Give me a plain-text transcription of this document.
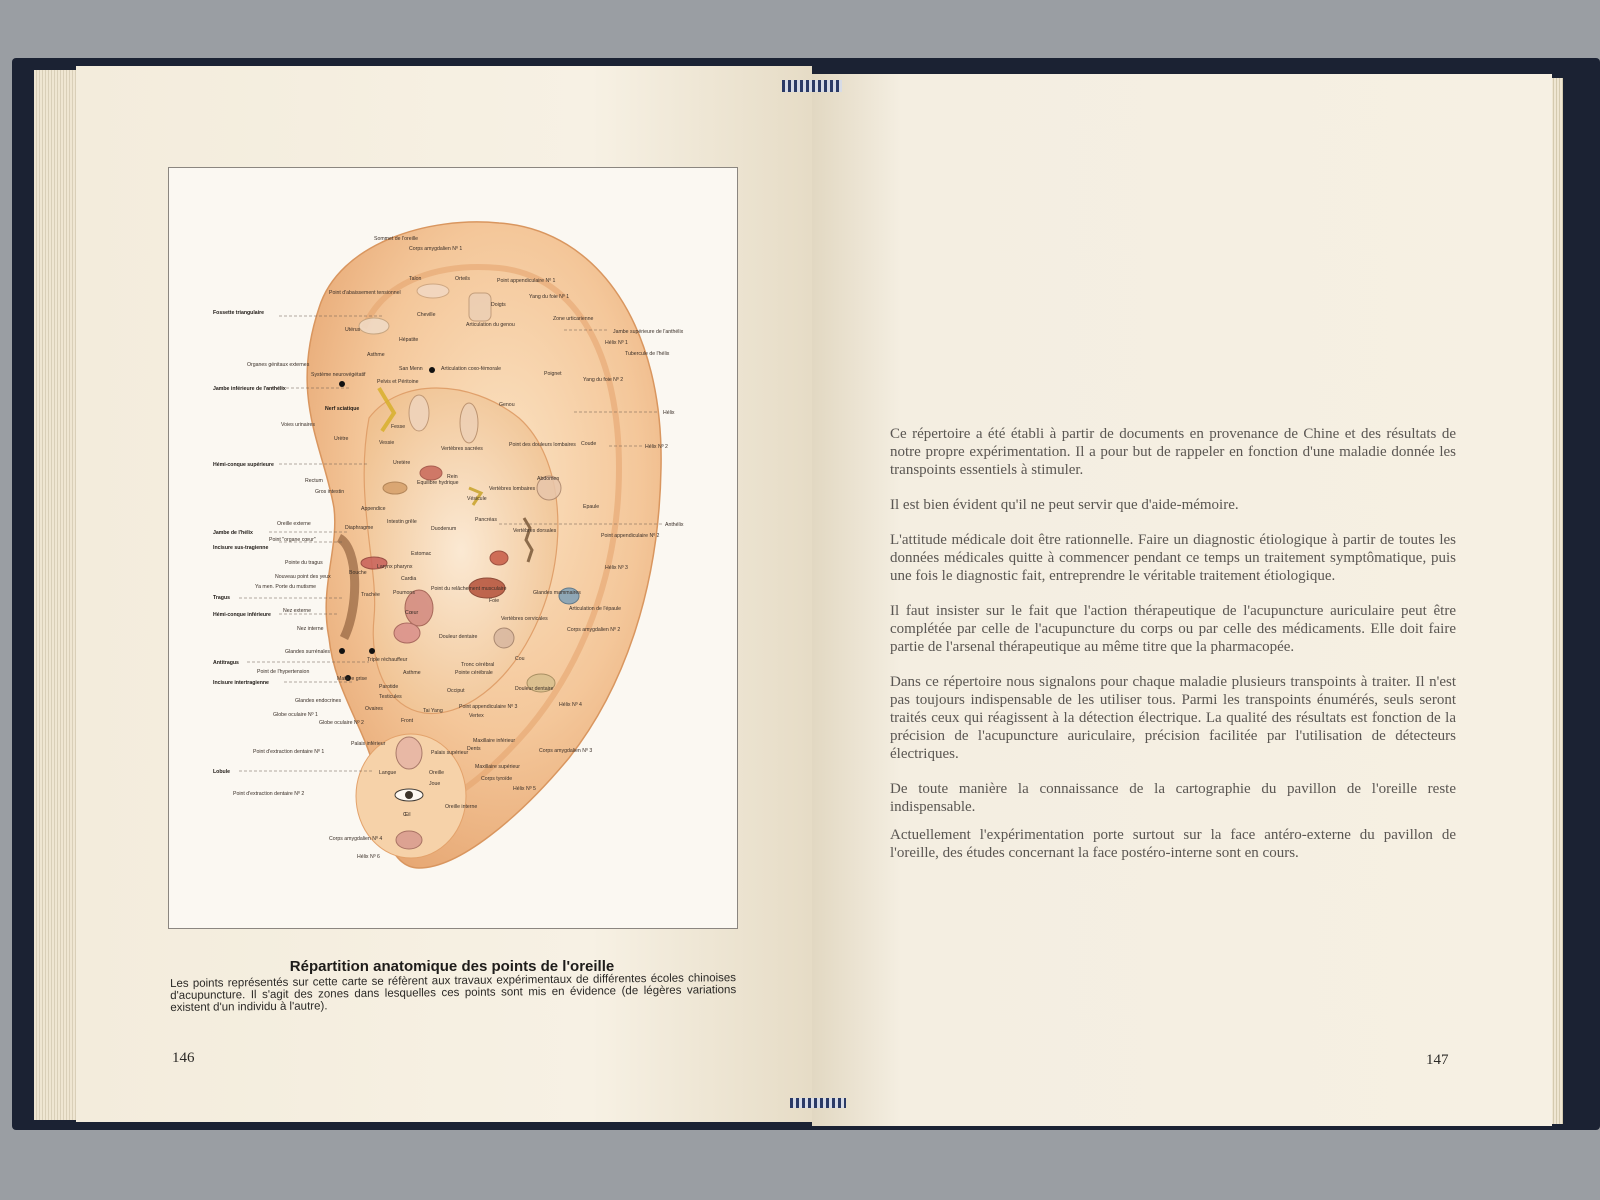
Fossette triangulaire
Jambe inférieure de l'anthélix
Hémi-conque supérieure
Jambe de l'hélix
Incisure sus-tragienne
Tragus
Hémi-conque inférieure
Antitragus
Incisure intertragienne
Lobule
Jambe supérieure de l'anthélix
Hélix Nº 1
Tubercule de l'hélix
Hélix
Hélix Nº 2
Anthélix
Point appendiculaire Nº 2
Hélix Nº 3
Corps amygdalien Nº 2
Hélix Nº 4
Corps amygdalien Nº 3
Hélix Nº 5
Sommet de l'oreille
Corps amygdalien Nº 1
Talon	Orteils	Point appendiculaire Nº 1
Yang du foie Nº 1
Point d'abaissement tensionnel
Cheville
Doigts
Zone urticarienne
Utérus
Articulation du genou
Hépatite
Asthme
Organes génitaux externes
Système neurovégétatif
San Menn	Articulation coxo-fémorale
Pelvis et Péritoine
Poignet
Yang du foie Nº 2
Nerf sciatique
Genou
Voies urinaires	Fesse
Urètre
Vessie
Vertèbres sacrées
Point des douleurs lombaires Coude
Uretère
Rectum
Rein
Gros intestin
Equilibre hydrique
Vésicule
Vertèbres lombaires
Abdomen
Appendice
Intestin grêle	Pancréas
Epaule
Oreille externe
Diaphragme	Duodenum	Vertèbres dorsales
Point "organe cœur"
Estomac
Foie
Pointe du tragus
Bouche
Larynx pharynx
Nouveau point des yeux	Cardia
Ya men. Porte du mutisme
Trachée	Poumons
Point du relâchement musculaire
Glandes mammaires
Articulation de l'épaule
Nez externe	Cœur
Vertèbres cervicales
Nez interne
Douleur dentaire
Glandes surrénales
Triple réchauffeur
Tronc cérébral
Cou
Point de l'hypertension	Asthme	Pointe cérébrale
Matière grise
Parotide
Occiput	Douleur dentaire
Testicules
Glandes endocrines
Ovaires	Point appendiculaire Nº 3
Globe oculaire Nº 1
Globe oculaire Nº 2	Front
Tai Yang
Vertex
Palais inférieur	Maxillaire inférieur
Point d'extraction dentaire Nº 1	Dents
Palais supérieur
Langue
Maxillaire supérieur
Oreille
Corps tyroïde
Joue
Point d'extraction dentaire Nº 2
Œil
Oreille interne
Corps amygdalien Nº 4
Hélix Nº 6
Répartition anatomique des points de l'oreille
Les points représentés sur cette carte se réfèrent aux travaux expérimentaux de différentes écoles chinoises d'acupuncture. Il s'agit des zones dans lesquelles ces points sont mis en évidence (de légères variations existent d'un individu à l'autre).
146

Ce répertoire a été établi à partir de documents en provenance de Chine et des résultats de notre propre expérimentation. Il a pour but de rappeler en fonction d'une maladie donnée les transpoints essentiels à stimuler.

Il est bien évident qu'il ne peut servir que d'aide-mémoire.

L'attitude médicale doit être rationnelle. Faire un diagnostic étiologique à partir de toutes les données médicales quitte à commencer pendant ce temps un traitement symptômatique, puis une fois le diagnostic fait, entreprendre le véritable traitement étiologique.

Il faut insister sur le fait que l'action thérapeutique de l'acupuncture auriculaire peut être complétée par celle de l'acupuncture du corps ou par celle des médicaments. Elle doit faire partie de l'arsenal thérapeutique au même titre que la pharmacopée.

Dans ce répertoire nous signalons pour chaque maladie plusieurs transpoints à traiter. Il n'est pas toujours indispensable de les utiliser tous. Parmi les transpoints énumérés, seuls seront traités ceux qui réagissent à la détection électrique. La qualité des résultats est fonction de la précision de l'acupuncture auriculaire, précision facilitée par l'utilisation de détecteurs électriques.

De toute manière la connaissance de la cartographie du pavillon de l'oreille reste indispensable.

Actuellement l'expérimentation porte surtout sur la face antéro-externe du pavillon de l'oreille, des études concernant la face postéro-interne sont en cours.

147
